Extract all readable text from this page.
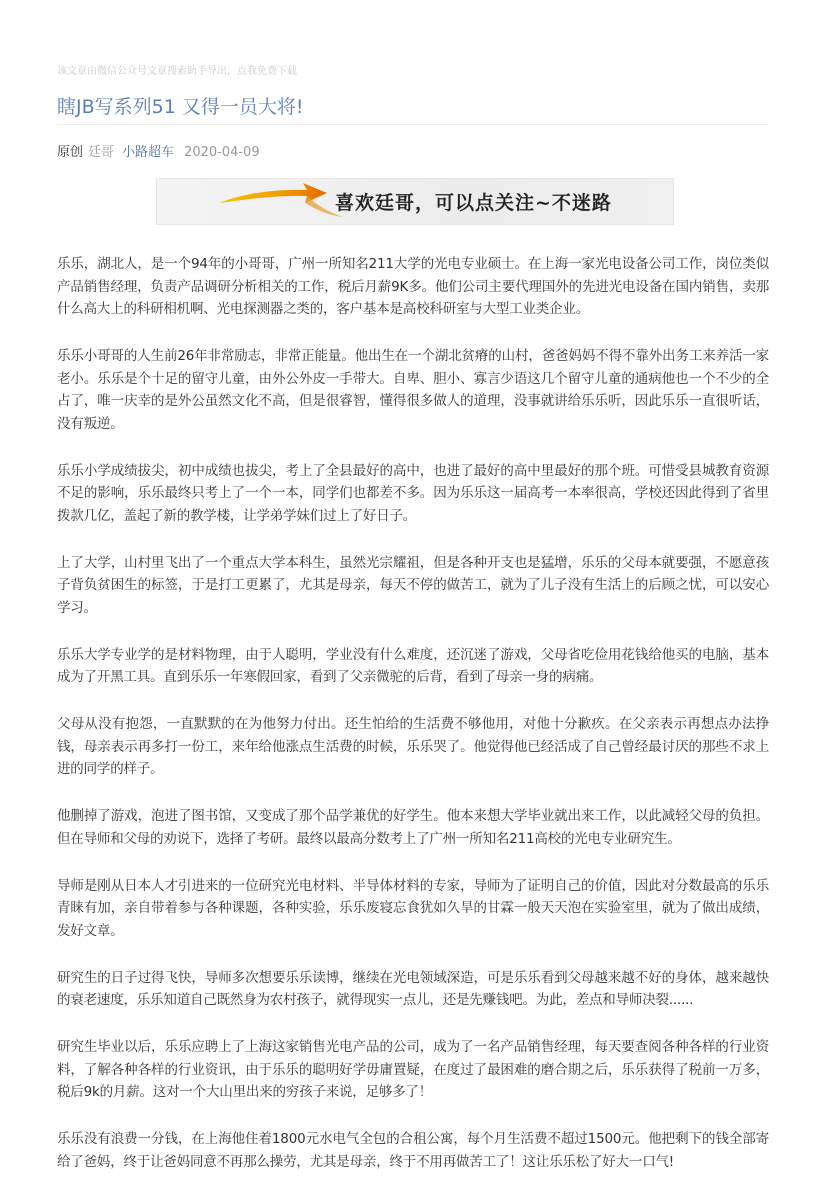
该文章由微信公众号文章搜索助手导出，点我免费下载
瞎JB写系列51 又得一员大将!
原创 廷哥 小路超车 2020-04-09
喜欢廷哥，可以点关注~不迷路

乐乐，湖北人，是一个94年的小哥哥，广州一所知名211大学的光电专业硕士。在上海一家光电设备公司工作，岗位类似产品销售经理，负责产品调研分析相关的工作，税后月薪9K多。他们公司主要代理国外的先进光电设备在国内销售，卖那什么高大上的科研相机啊、光电探测器之类的，客户基本是高校科研室与大型工业类企业。

乐乐小哥哥的人生前26年非常励志，非常正能量。他出生在一个湖北贫瘠的山村，爸爸妈妈不得不靠外出务工来养活一家老小。乐乐是个十足的留守儿童，由外公外皮一手带大。自卑、胆小、寡言少语这几个留守儿童的通病他也一个不少的全占了，唯一庆幸的是外公虽然文化不高，但是很睿智，懂得很多做人的道理，没事就讲给乐乐听，因此乐乐一直很听话，没有叛逆。

乐乐小学成绩拔尖，初中成绩也拔尖，考上了全县最好的高中，也进了最好的高中里最好的那个班。可惜受县城教育资源不足的影响，乐乐最终只考上了一个一本，同学们也都差不多。因为乐乐这一届高考一本率很高，学校还因此得到了省里拨款几亿，盖起了新的教学楼，让学弟学妹们过上了好日子。

上了大学，山村里飞出了一个重点大学本科生，虽然光宗耀祖，但是各种开支也是猛增，乐乐的父母本就要强，不愿意孩子背负贫困生的标签，于是打工更累了，尤其是母亲，每天不停的做苦工，就为了儿子没有生活上的后顾之忧，可以安心学习。

乐乐大学专业学的是材料物理，由于人聪明，学业没有什么难度，还沉迷了游戏，父母省吃俭用花钱给他买的电脑，基本成为了开黑工具。直到乐乐一年寒假回家，看到了父亲微驼的后背，看到了母亲一身的病痛。

父母从没有抱怨，一直默默的在为他努力付出。还生怕给的生活费不够他用，对他十分歉疚。在父亲表示再想点办法挣钱，母亲表示再多打一份工，来年给他涨点生活费的时候，乐乐哭了。他觉得他已经活成了自己曾经最讨厌的那些不求上进的同学的样子。

他删掉了游戏，泡进了图书馆，又变成了那个品学兼优的好学生。他本来想大学毕业就出来工作，以此减轻父母的负担。但在导师和父母的劝说下，选择了考研。最终以最高分数考上了广州一所知名211高校的光电专业研究生。

导师是刚从日本人才引进来的一位研究光电材料、半导体材料的专家，导师为了证明自己的价值，因此对分数最高的乐乐青睐有加，亲自带着参与各种课题，各种实验，乐乐废寝忘食犹如久旱的甘霖一般天天泡在实验室里，就为了做出成绩，发好文章。

研究生的日子过得飞快，导师多次想要乐乐读博，继续在光电领域深造，可是乐乐看到父母越来越不好的身体，越来越快的衰老速度，乐乐知道自己既然身为农村孩子，就得现实一点儿，还是先赚钱吧。为此，差点和导师决裂......

研究生毕业以后，乐乐应聘上了上海这家销售光电产品的公司，成为了一名产品销售经理，每天要查阅各种各样的行业资料，了解各种各样的行业资讯，由于乐乐的聪明好学毋庸置疑，在度过了最困难的磨合期之后，乐乐获得了税前一万多，税后9k的月薪。这对一个大山里出来的穷孩子来说，足够多了！

乐乐没有浪费一分钱，在上海他住着1800元水电气全包的合租公寓，每个月生活费不超过1500元。他把剩下的钱全部寄给了爸妈，终于让爸妈同意不再那么操劳，尤其是母亲，终于不用再做苦工了！这让乐乐松了好大一口气!
